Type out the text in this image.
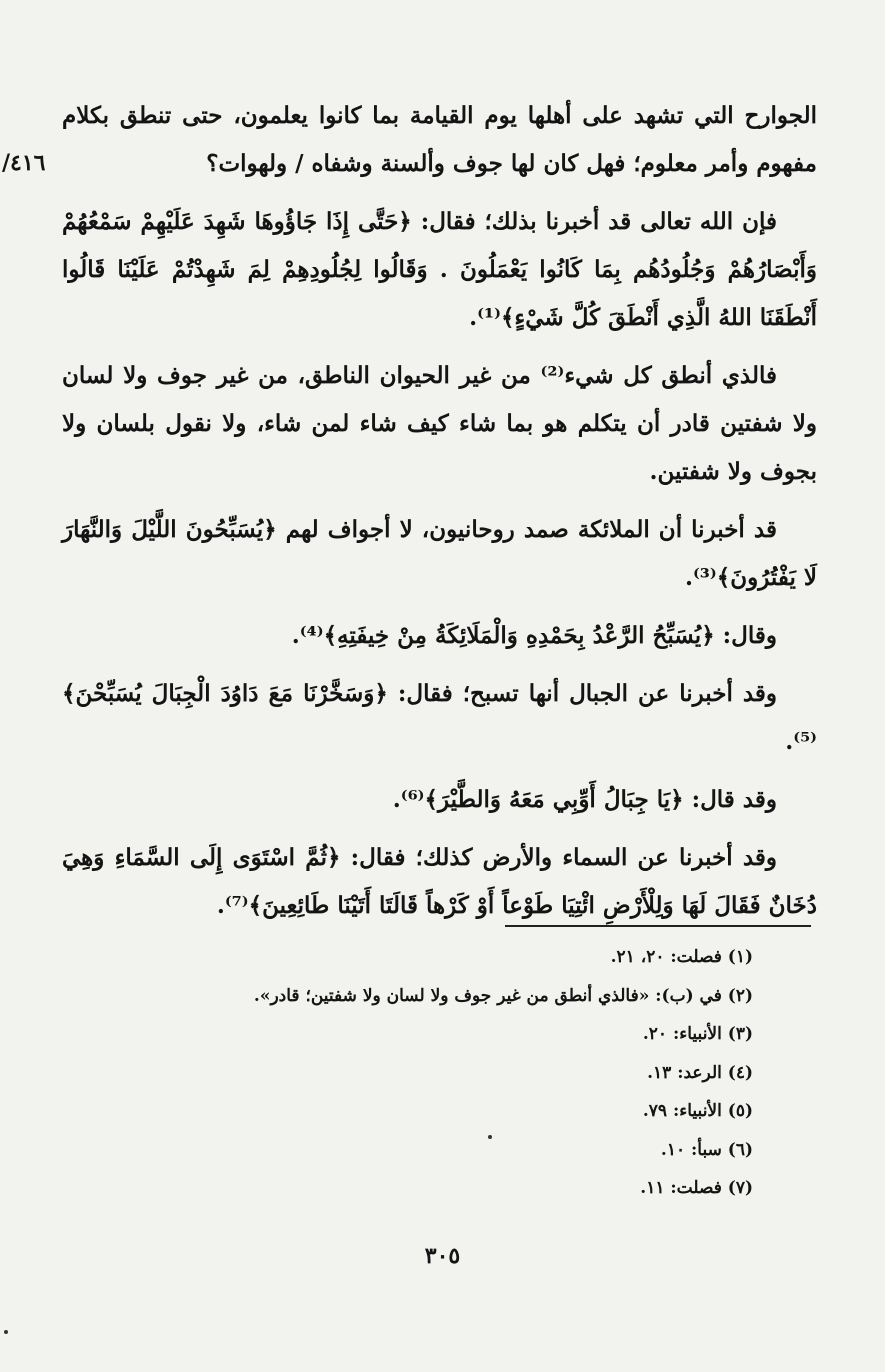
٤١٦/

الجوارح التي تشهد على أهلها يوم القيامة بما كانوا يعلمون، حتى تنطق بكلام مفهوم وأمر معلوم؛ فهل كان لها جوف وألسنة وشفاه / ولهوات؟

فإن الله تعالى قد أخبرنا بذلك؛ فقال: ﴿حَتَّى إِذَا جَاؤُوهَا شَهِدَ عَلَيْهِمْ سَمْعُهُمْ وَأَبْصَارُهُمْ وَجُلُودُهُم بِمَا كَانُوا يَعْمَلُونَ . وَقَالُوا لِجُلُودِهِمْ لِمَ شَهِدْتُمْ عَلَيْنَا قَالُوا أَنْطَقَنَا اللهُ الَّذِي أَنْطَقَ كُلَّ شَيْءٍ﴾⁽¹⁾.

فالذي أنطق كل شيء⁽²⁾ من غير الحيوان الناطق، من غير جوف ولا لسان ولا شفتين قادر أن يتكلم هو بما شاء كيف شاء لمن شاء، ولا نقول بلسان ولا بجوف ولا شفتين.

قد أخبرنا أن الملائكة صمد روحانيون، لا أجواف لهم ﴿يُسَبِّحُونَ اللَّيْلَ وَالنَّهَارَ لَا يَفْتُرُونَ﴾⁽³⁾.

وقال: ﴿يُسَبِّحُ الرَّعْدُ بِحَمْدِهِ وَالْمَلَائِكَةُ مِنْ خِيفَتِهِ﴾⁽⁴⁾.

وقد أخبرنا عن الجبال أنها تسبح؛ فقال: ﴿وَسَخَّرْنَا مَعَ دَاوُدَ الْجِبَالَ يُسَبِّحْنَ﴾⁽⁵⁾.

وقد قال: ﴿يَا جِبَالُ أَوِّبِي مَعَهُ وَالطَّيْرَ﴾⁽⁶⁾.

وقد أخبرنا عن السماء والأرض كذلك؛ فقال: ﴿ثُمَّ اسْتَوَى إِلَى السَّمَاءِ وَهِيَ دُخَانٌ فَقَالَ لَهَا وَلِلْأَرْضِ ائْتِيَا طَوْعاً أَوْ كَرْهاً قَالَتَا أَتَيْنَا طَائِعِينَ﴾⁽⁷⁾.

(١) فصلت: ٢٠، ٢١.
(٢) في (ب): «فالذي أنطق من غير جوف ولا لسان ولا شفتين؛ قادر».
(٣) الأنبياء: ٢٠.
(٤) الرعد: ١٣.
(٥) الأنبياء: ٧٩.
(٦) سبأ: ١٠.
(٧) فصلت: ١١.
٣٠٥
